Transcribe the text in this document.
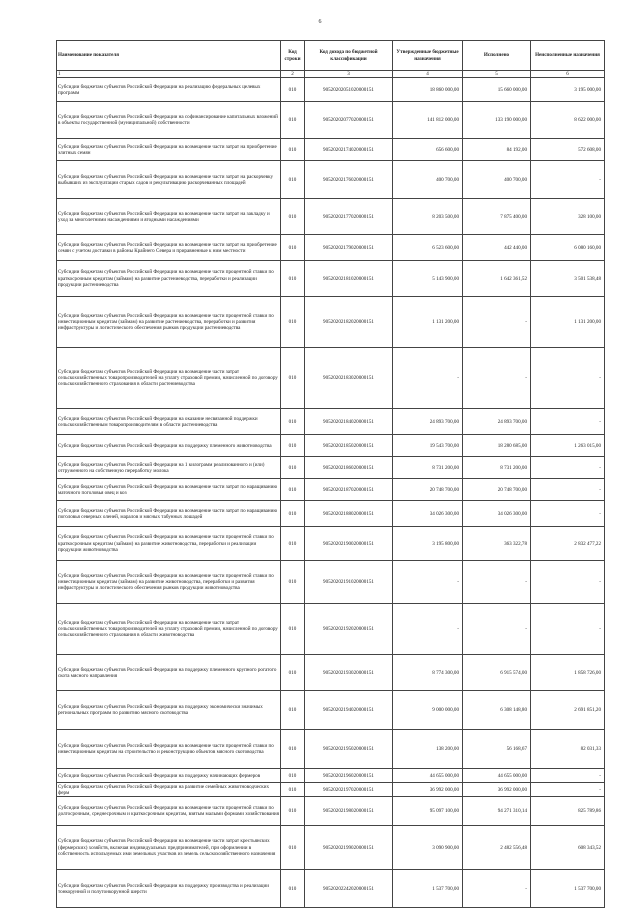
6
Наименование показателя	Код строки	Код дохода по бюджетной классификации	Утвержденные бюджетные назначения	Исполнено	Неисполненные назначения
1	2	3	4	5	6
Субсидии бюджетам субъектов Российской Федерации на реализацию федеральных целевых программ	010	90520202051020000151	18 860 000,00	15 660 000,00	3 195 000,00
Субсидии бюджетам субъектов Российской Федерации на софинансирование капитальных вложений в объекты государственной (муниципальной) собственности	010	90520202077020000151	141 812 000,00	133 190 000,00	8 622 000,00
Субсидии бюджетам субъектов Российской Федерации на возмещение части затрат на приобретение элитных семян	010	90520202174020000151	656 600,00	84 192,00	572 608,00
Субсидии бюджетам субъектов Российской Федерации на возмещение части затрат на раскорчевку выбывших из эксплуатации старых садов и рекультивацию раскорчеванных площадей	010	90520202176020000151	400 700,00	400 700,00	-
Субсидии бюджетам субъектов Российской Федерации на возмещение части затрат на закладку и уход за многолетними насаждениями и ягодными насаждениями	010	90520202177020000151	8 203 500,00	7 875 400,00	328 100,00
Субсидии бюджетам субъектов Российской Федерации на возмещение части затрат на приобретение семян с учетом доставки в районы Крайнего Севера и приравненные к ним местности	010	90520202179020000151	6 523 600,00	442 440,00	6 080 160,00
Субсидии бюджетам субъектов Российской Федерации на возмещение части процентной ставки по краткосрочным кредитам (займам) на развитие растениеводства, переработки и реализации продукции растениеводства	010	90520202181020000151	5 143 900,00	1 642 361,52	3 501 538,48
Субсидии бюджетам субъектов Российской Федерации на возмещение части процентной ставки по инвестиционным кредитам (займам) на развитие растениеводства, переработки и развития инфраструктуры и логистического обеспечения рынков продукции растениеводства	010	90520202182020000151	1 131 200,00	-	1 131 200,00
Субсидии бюджетам субъектов Российской Федерации на возмещение части затрат сельскохозяйственных товаропроизводителей на уплату страховой премии, начисленной по договору сельскохозяйственного страхования в области растениеводства	010	90520202183020000151	-	-	-
Субсидии бюджетам субъектов Российской Федерации на оказание несвязанной поддержки сельскохозяйственным товаропроизводителям в области растениеводства	010	90520202184020000151	24 893 700,00	24 893 700,00	-
Субсидии бюджетам субъектов Российской Федерации на поддержку племенного животноводства	010	90520202185020000151	19 543 700,00	18 280 685,00	1 263 015,00
Субсидии бюджетам субъектов Российской Федерации на 1 килограмм реализованного и (или) отгруженного на собственную переработку молока	010	90520202186020000151	8 731 200,00	8 731 200,00	-
Субсидии бюджетам субъектов Российской Федерации на возмещение части затрат по наращиванию маточного поголовья овец и коз	010	90520202187020000151	20 748 700,00	20 748 700,00	-
Субсидии бюджетам субъектов Российской Федерации на возмещение части затрат по наращиванию поголовья северных оленей, маралов и мясных табунных лошадей	010	90520202188020000151	34 026 300,00	34 026 300,00	-
Субсидии бюджетам субъектов Российской Федерации на возмещение части процентной ставки по краткосрочным кредитам (займам) на развитие животноводства, переработки и реализации продукции животноводства	010	90520202190020000151	3 195 800,00	363 322,78	2 832 477,22
Субсидии бюджетам субъектов Российской Федерации на возмещение части процентной ставки по инвестиционным кредитам (займам) на развитие животноводства, переработки и развития инфраструктуры и логистического обеспечения рынков продукции животноводства	010	90520202191020000151	-	-	-
Субсидии бюджетам субъектов Российской Федерации на возмещение части затрат сельскохозяйственных товаропроизводителей на уплату страховой премии, начисленной по договору сельскохозяйственного страхования в области животноводства	010	90520202192020000151	-	-	-
Субсидии бюджетам субъектов Российской Федерации на поддержку племенного крупного рогатого скота мясного направления	010	90520202193020000151	8 774 300,00	6 915 574,00	1 858 726,00
Субсидии бюджетам субъектов Российской Федерации на поддержку экономически значимых региональных программ по развитию мясного скотоводства	010	90520202194020000151	9 000 000,00	6 308 148,80	2 691 851,20
Субсидии бюджетам субъектов Российской Федерации на возмещение части процентной ставки по инвестиционным кредитам на строительство и реконструкцию объектов мясного скотоводства	010	90520202195020000151	138 200,00	56 168,67	82 031,33
Субсидии бюджетам субъектов Российской Федерации на поддержку начинающих фермеров	010	90520202196020000151	44 655 000,00	44 655 000,00	-
Субсидии бюджетам субъектов Российской Федерации на развитие семейных животноводческих ферм	010	90520202197020000151	36 992 000,00	36 992 000,00	-
Субсидии бюджетам субъектов Российской Федерации на возмещение части процентной ставки по долгосрочным, среднесрочным и краткосрочным кредитам, взятым малыми формами хозяйствования	010	90520202198020000151	95 097 100,00	94 271 310,14	825 789,86
Субсидии бюджетам субъектов Российской Федерации на возмещение части затрат крестьянских (фермерских) хозяйств, включая индивидуальных предпринимателей, при оформлении в собственность используемых ими земельных участков из земель сельскохозяйственного назначения	010	90520202199020000151	3 090 900,00	2 482 556,48	608 343,52
Субсидии бюджетам субъектов Российской Федерации на поддержку производства и реализации тонкорунной и полутонкорунной шерсти	010	90520202242020000151	1 537 700,00	-	1 537 700,00
